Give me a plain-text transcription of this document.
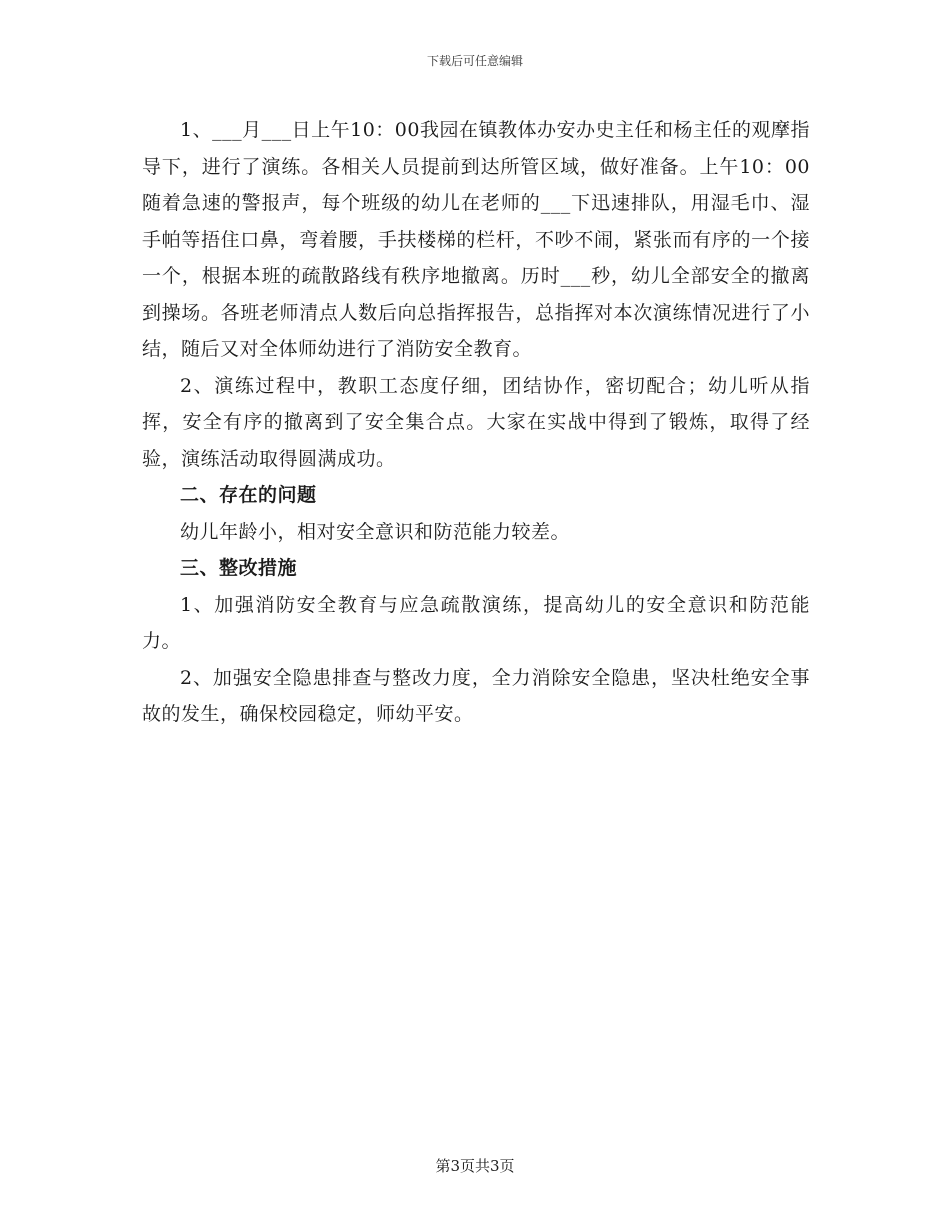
下载后可任意编辑

1、___月___日上午10：00我园在镇教体办安办史主任和杨主任的观摩指导下，进行了演练。各相关人员提前到达所管区域，做好准备。上午10：00随着急速的警报声，每个班级的幼儿在老师的___下迅速排队，用湿毛巾、湿手帕等捂住口鼻，弯着腰，手扶楼梯的栏杆，不吵不闹，紧张而有序的一个接一个，根据本班的疏散路线有秩序地撤离。历时___秒，幼儿全部安全的撤离到操场。各班老师清点人数后向总指挥报告，总指挥对本次演练情况进行了小结，随后又对全体师幼进行了消防安全教育。

2、演练过程中，教职工态度仔细，团结协作，密切配合；幼儿听从指挥，安全有序的撤离到了安全集合点。大家在实战中得到了锻炼，取得了经验，演练活动取得圆满成功。

二、存在的问题

幼儿年龄小，相对安全意识和防范能力较差。

三、整改措施

1、加强消防安全教育与应急疏散演练，提高幼儿的安全意识和防范能力。

2、加强安全隐患排查与整改力度，全力消除安全隐患，坚决杜绝安全事故的发生，确保校园稳定，师幼平安。

第3页共3页
